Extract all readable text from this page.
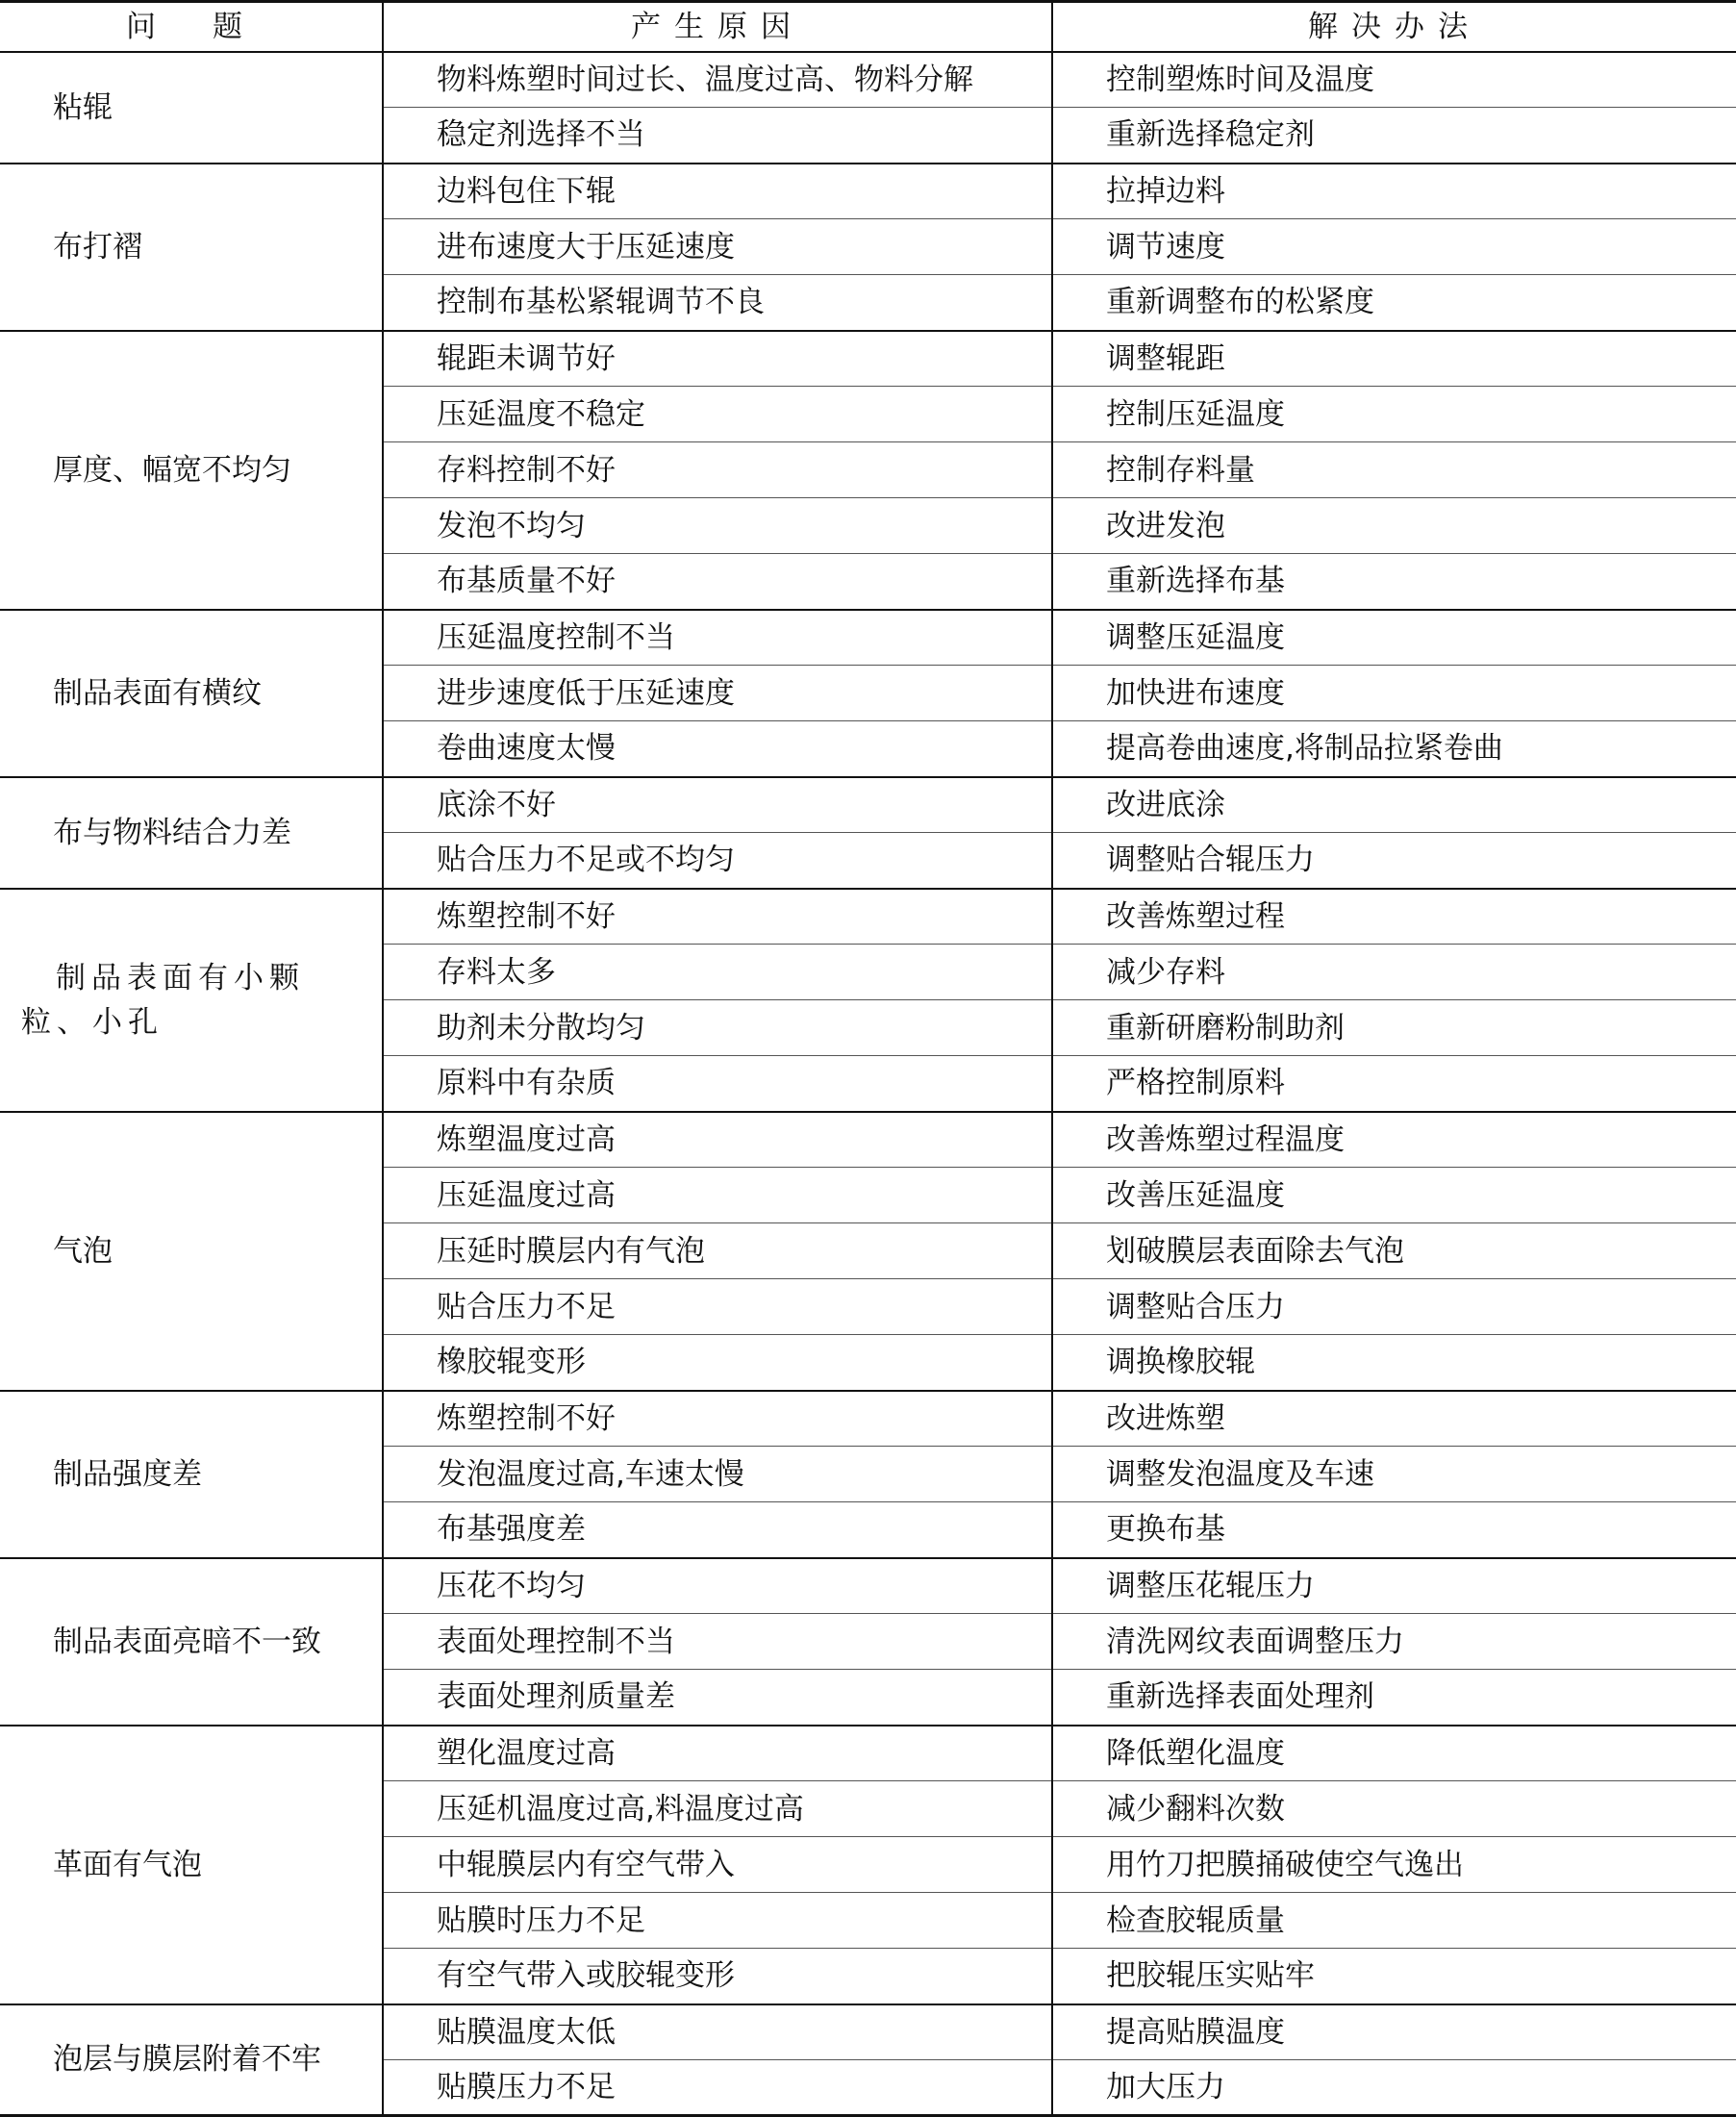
问　题	产生原因	解决办法
粘辊	物料炼塑时间过长、温度过高、物料分解	控制塑炼时间及温度
	稳定剂选择不当	重新选择稳定剂
布打褶	边料包住下辊	拉掉边料
	进布速度大于压延速度	调节速度
	控制布基松紧辊调节不良	重新调整布的松紧度
厚度、幅宽不均匀	辊距未调节好	调整辊距
	压延温度不稳定	控制压延温度
	存料控制不好	控制存料量
	发泡不均匀	改进发泡
	布基质量不好	重新选择布基
制品表面有横纹	压延温度控制不当	调整压延温度
	进步速度低于压延速度	加快进布速度
	卷曲速度太慢	提高卷曲速度,将制品拉紧卷曲
布与物料结合力差	底涂不好	改进底涂
	贴合压力不足或不均匀	调整贴合辊压力
制品表面有小颗粒、小孔	炼塑控制不好	改善炼塑过程
	存料太多	减少存料
	助剂未分散均匀	重新研磨粉制助剂
	原料中有杂质	严格控制原料
气泡	炼塑温度过高	改善炼塑过程温度
	压延温度过高	改善压延温度
	压延时膜层内有气泡	划破膜层表面除去气泡
	贴合压力不足	调整贴合压力
	橡胶辊变形	调换橡胶辊
制品强度差	炼塑控制不好	改进炼塑
	发泡温度过高,车速太慢	调整发泡温度及车速
	布基强度差	更换布基
制品表面亮暗不一致	压花不均匀	调整压花辊压力
	表面处理控制不当	清洗网纹表面调整压力
	表面处理剂质量差	重新选择表面处理剂
革面有气泡	塑化温度过高	降低塑化温度
	压延机温度过高,料温度过高	减少翻料次数
	中辊膜层内有空气带入	用竹刀把膜捅破使空气逸出
	贴膜时压力不足	检查胶辊质量
	有空气带入或胶辊变形	把胶辊压实贴牢
泡层与膜层附着不牢	贴膜温度太低	提高贴膜温度
	贴膜压力不足	加大压力
